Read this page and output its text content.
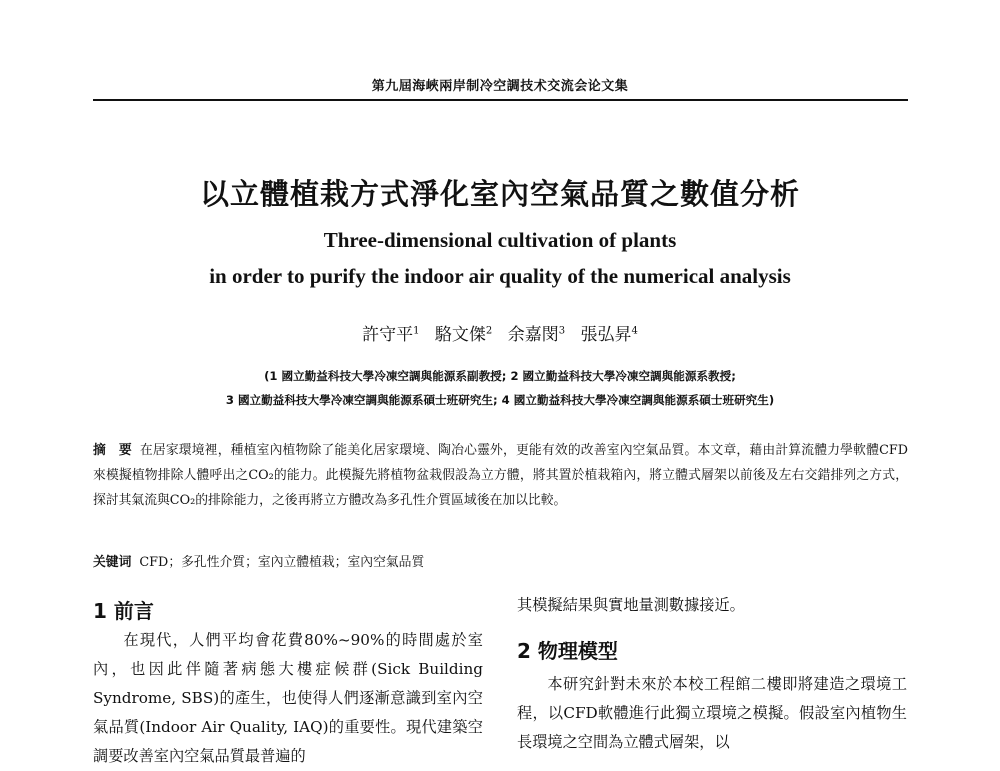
第九屆海峽兩岸制冷空調技术交流会论文集
以立體植栽方式淨化室內空氣品質之數值分析
Three-dimensional cultivation of plants
in order to purify the indoor air quality of the numerical analysis
許守平$^1$ 駱文傑$^2$ 余嘉閔$^3$ 張弘昇$^4$
(1 國立勤益科技大學冷凍空調與能源系副教授; 2 國立勤益科技大學冷凍空調與能源系教授;
3 國立勤益科技大學冷凍空調與能源系碩士班研究生; 4 國立勤益科技大學冷凍空調與能源系碩士班研究生)
摘　要 在居家環境裡，種植室內植物除了能美化居家環境、陶冶心靈外，更能有效的改善室內空氣品質。本文章，藉由計算流體力學軟體CFD來模擬植物排除人體呼出之CO₂的能力。此模擬先將植物盆栽假設為立方體，將其置於植栽箱內，將立體式層架以前後及左右交錯排列之方式，探討其氣流與CO₂的排除能力，之後再將立方體改為多孔性介質區域後在加以比較。
关键词 CFD；多孔性介質；室內立體植栽；室內空氣品質
1 前言

在現代，人們平均會花費80%~90%的時間處於室內，也因此伴隨著病態大樓症候群(Sick Building Syndrome, SBS)的產生，也使得人們逐漸意識到室內空氣品質(Indoor Air Quality, IAQ)的重要性。現代建築空調要改善室內空氣品質最普遍的

其模擬結果與實地量測數據接近。

2 物理模型

本研究針對未來於本校工程館二樓即將建造之環境工程，以CFD軟體進行此獨立環境之模擬。假設室內植物生長環境之空間為立體式層架，以
